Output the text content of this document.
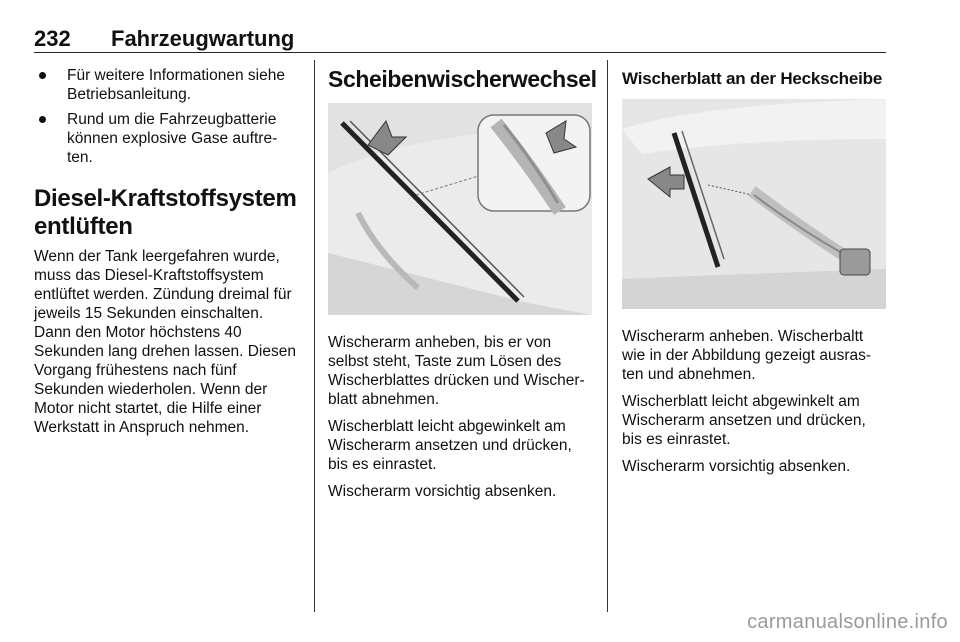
232 Fahrzeugwartung
Für weitere Informationen siehe Betriebsanleitung.
Rund um die Fahrzeugbatterie können explosive Gase auftre-ten.
Diesel-Kraftstoffsystem entlüften

Wenn der Tank leergefahren wurde, muss das Diesel-Kraftstoffsystem entlüftet werden. Zündung dreimal für jeweils 15 Sekunden einschalten. Dann den Motor höchstens 40 Sekunden lang drehen lassen. Diesen Vorgang frühestens nach fünf Sekunden wiederholen. Wenn der Motor nicht startet, die Hilfe einer Werkstatt in Anspruch nehmen.

Scheibenwischerwechsel

Wischerarm anheben, bis er von selbst steht, Taste zum Lösen des Wischerblattes drücken und Wischer-blatt abnehmen.

Wischerblatt leicht abgewinkelt am Wischerarm ansetzen und drücken, bis es einrastet.

Wischerarm vorsichtig absenken.

Wischerblatt an der Heckscheibe

Wischerarm anheben. Wischerbaltt wie in der Abbildung gezeigt ausras-ten und abnehmen.

Wischerblatt leicht abgewinkelt am Wischerarm ansetzen und drücken, bis es einrastet.

Wischerarm vorsichtig absenken.

carmanualsonline.info
